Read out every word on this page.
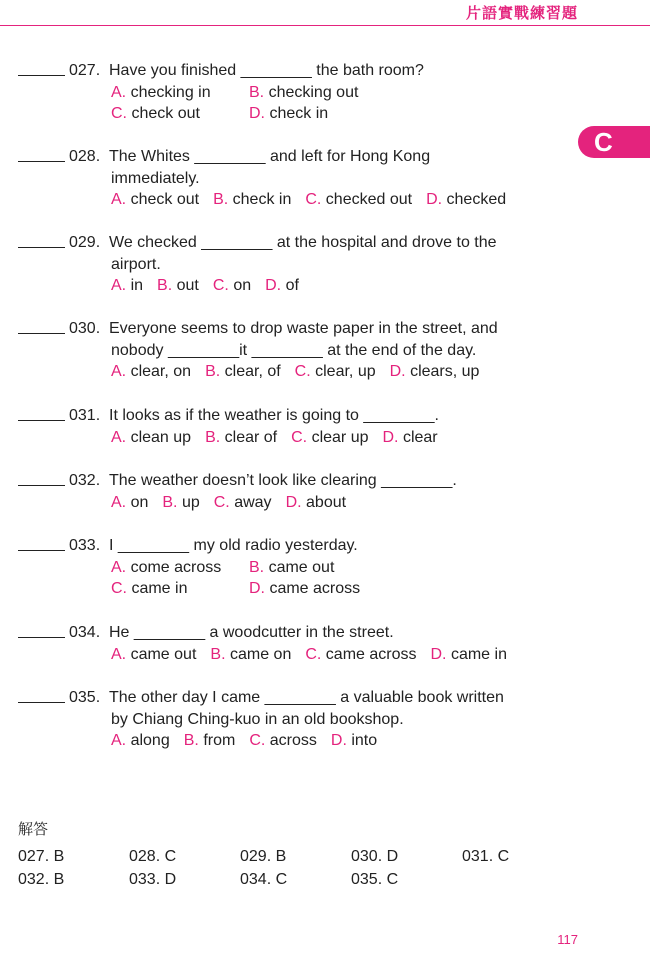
片語實戰練習題
C
027. Have you finished ________ the bath room?
A. checking in B. checking out
C. check out	D. check in
028. The Whites ________ and left for Hong Kong
immediately.
A. check out B. check in C. checked out D. checked
029. We checked ________ at the hospital and drove to the
airport.
A. in B. out C. on D. of
030. Everyone seems to drop waste paper in the street, and
nobody ________it ________ at the end of the day.
A. clear, on B. clear, of C. clear, up D. clears, up
031. It looks as if the weather is going to ________.
A. clean up B. clear of C. clear up D. clear
032. The weather doesn’t look like clearing ________.
A. on B. up C. away D. about
033. I ________ my old radio yesterday.
A. come across B. came out
C. came in	D. came across
034. He ________ a woodcutter in the street.
A. came out B. came on C. came across D. came in
035. The other day I came ________ a valuable book written
by Chiang Ching-kuo in an old bookshop.
A. along B. from C. across D. into
解答
027. B	028. C	029. B	030. D	031. C
032. B	033. D	034. C	035. C
117
